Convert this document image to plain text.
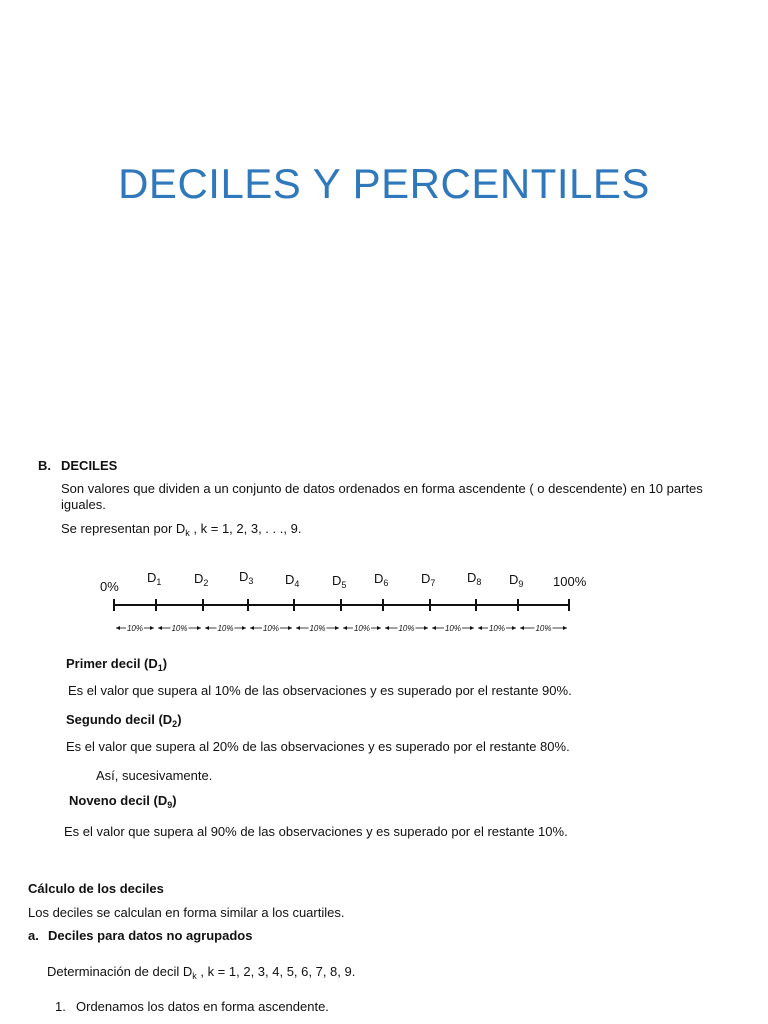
DECILES Y PERCENTILES
B. DECILES
Son valores que dividen a un conjunto de datos ordenados en forma ascendente ( o descendente) en 10 partes iguales.
Se representan por $D_k$ , k = 1, 2, 3, . . ., 9.
0%	100%
$D_1$	$D_2$ $D_3$ $D_4$	$D_5$ $D_6$	$D_7$ $D_8$ $D_9$
10%	10%	10%	10%	10%	10%	10%	10%	10%	10%
Primer decil $(D_1)$
Es el valor que supera al 10% de las observaciones y es superado por el restante 90%.
Segundo decil $(D_2)$
Es el valor que supera al 20% de las observaciones y es superado por el restante 80%.
Así, sucesivamente.
Noveno decil $(D_9)$
Es el valor que supera al 90% de las observaciones y es superado por el restante 10%.
Cálculo de los deciles
Los deciles se calculan en forma similar a los cuartiles.
a. Deciles para datos no agrupados
Determinación de decil $D_k$ , k = 1, 2, 3, 4, 5, 6, 7, 8, 9.
1. Ordenamos los datos en forma ascendente.
